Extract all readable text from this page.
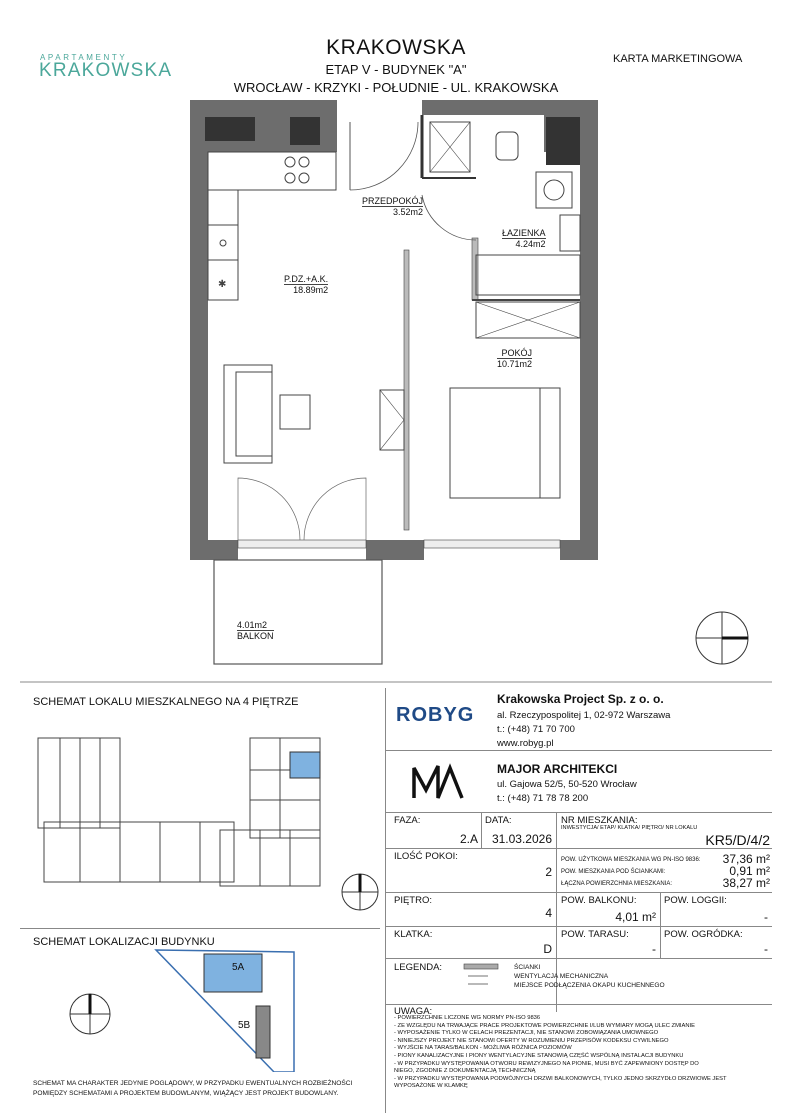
APARTAMENTY
KRAKOWSKA
KRAKOWSKA
ETAP V - BUDYNEK "A"
WROCŁAW - KRZYKI - POŁUDNIE - UL. KRAKOWSKA
KARTA MARKETINGOWA
✱
PRZEDPOKÓJ
3.52m2
ŁAZIENKA
4.24m2
P.DZ.+A.K.
18.89m2
POKÓJ
10.71m2
4.01m2
BALKON
SCHEMAT LOKALU MIESZKALNEGO NA 4 PIĘTRZE
SCHEMAT LOKALIZACJI BUDYNKU
5A
5B
SCHEMAT MA CHARAKTER JEDYNIE POGLĄDOWY, W PRZYPADKU EWENTUALNYCH ROZBIEŻNOŚCI
POMIĘDZY SCHEMATAMI A PROJEKTEM BUDOWLANYM, WIĄŻĄCY JEST PROJEKT BUDOWLANY.
ROBYG
Krakowska Project Sp. z o. o.
al. Rzeczypospolitej 1, 02-972 Warszawa
t.: (+48) 71 70 700
www.robyg.pl
MAJOR ARCHITEKCI
ul. Gajowa 52/5, 50-520 Wrocław
t.: (+48) 71 78 78 200
FAZA:
2.A
DATA:
31.03.2026
NR MIESZKANIA:
INWESTYCJA/ ETAP/ KLATKA/ PIĘTRO/ NR LOKALU
KR5/D/4/2
ILOŚĆ POKOI:
2
POW. UŻYTKOWA MIESZKANIA WG PN-ISO 9836:	37,36 m²
POW. MIESZKANIA POD ŚCIANKAMI:	0,91 m²
ŁĄCZNA POWIERZCHNIA MIESZKANIA:	38,27 m²
PIĘTRO:
4
POW. BALKONU:
4,01 m²
POW. LOGGII:
-
KLATKA:
D
POW. TARASU:
-
POW. OGRÓDKA:
-
LEGENDA:	ŚCIANKI
WENTYLACJA MECHANICZNA
MIEJSCE PODŁĄCZENIA OKAPU KUCHENNEGO
UWAGA:
- POWIERZCHNIE LICZONE WG NORMY PN-ISO 9836
- ZE WZGLĘDU NA TRWAJĄCE PRACE PROJEKTOWE POWIERZCHNIE I/LUB WYMIARY MOGĄ ULEC ZMIANIE
- WYPOSAŻENIE TYLKO W CELACH PREZENTACJI, NIE STANOWI ZOBOWIĄZANIA UMOWNEGO
- NINIEJSZY PROJEKT NIE STANOWI OFERTY W ROZUMIENIU PRZEPISÓW KODEKSU CYWILNEGO
- WYJŚCIE NA TARAS/BALKON - MOŻLIWA RÓŻNICA POZIOMÓW
- PIONY KANALIZACYJNE I PIONY WENTYLACYJNE STANOWIĄ CZĘŚĆ WSPÓLNĄ INSTALACJI BUDYNKU
- W PRZYPADKU WYSTĘPOWANIA OTWORU REWIZYJNEGO NA PIONIE, MUSI BYĆ ZAPEWNIONY DOSTĘP DO
NIEGO, ZGODNIE Z DOKUMENTACJĄ TECHNICZNĄ
- W PRZYPADKU WYSTĘPOWANIA PODWÓJNYCH DRZWI BALKONOWYCH, TYLKO JEDNO SKRZYDŁO DRZWIOWE JEST
WYPOSAŻONE W KLAMKĘ
